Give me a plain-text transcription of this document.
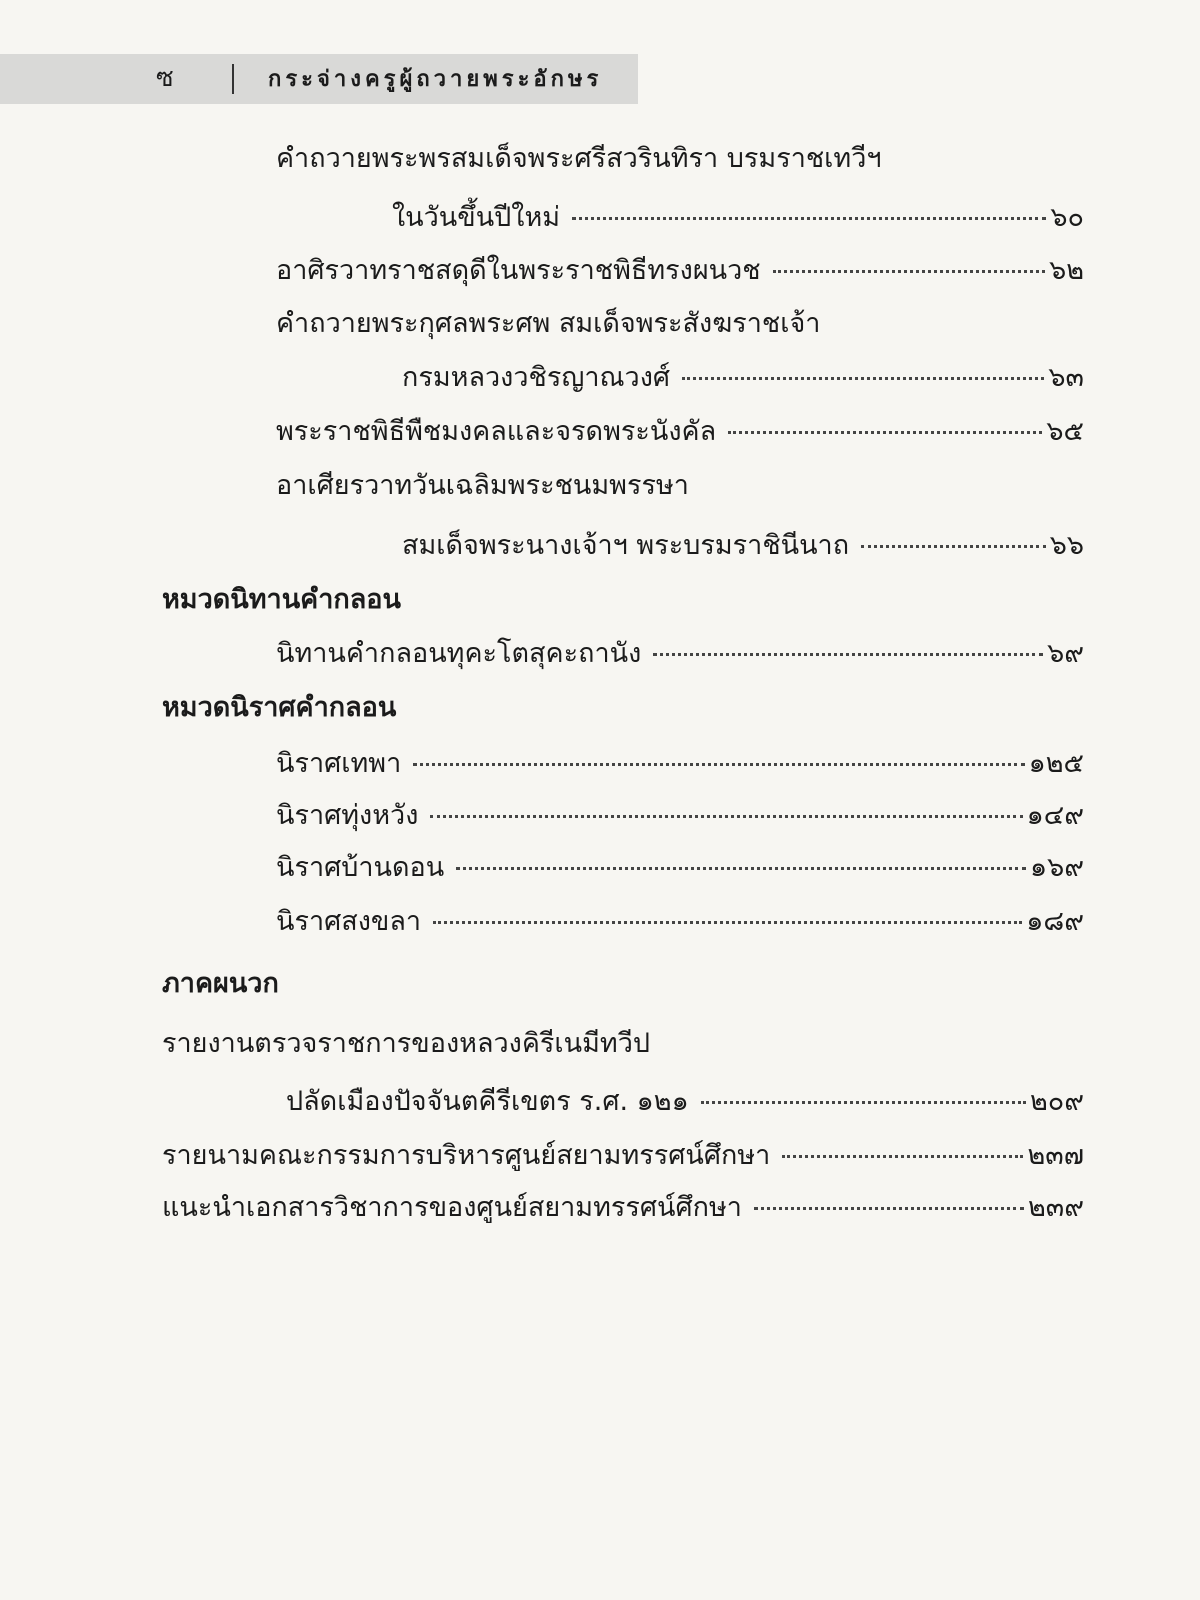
ซ	กระจ่างครูผู้ถวายพระอักษร
คำถวายพระพรสมเด็จพระศรีสวรินทิรา บรมราชเทวีฯ
ในวันขึ้นปีใหม่	๖๐
อาศิรวาทราชสดุดีในพระราชพิธีทรงผนวช	๖๒
คำถวายพระกุศลพระศพ สมเด็จพระสังฆราชเจ้า
กรมหลวงวชิรญาณวงศ์	๖๓
พระราชพิธีพืชมงคลและจรดพระนังคัล	๖๕
อาเศียรวาทวันเฉลิมพระชนมพรรษา
สมเด็จพระนางเจ้าฯ พระบรมราชินีนาถ	๖๖
หมวดนิทานคำกลอน
นิทานคำกลอนทุคะโตสุคะถานัง	๖๙
หมวดนิราศคำกลอน
นิราศเทพา	๑๒๕
นิราศทุ่งหวัง	๑๔๙
นิราศบ้านดอน	๑๖๙
นิราศสงขลา	๑๘๙
ภาคผนวก
รายงานตรวจราชการของหลวงคิรีเนมีทวีป
ปลัดเมืองปัจจันตคีรีเขตร ร.ศ. ๑๒๑	๒๐๙
รายนามคณะกรรมการบริหารศูนย์สยามทรรศน์ศึกษา	๒๓๗
แนะนำเอกสารวิชาการของศูนย์สยามทรรศน์ศึกษา	๒๓๙
